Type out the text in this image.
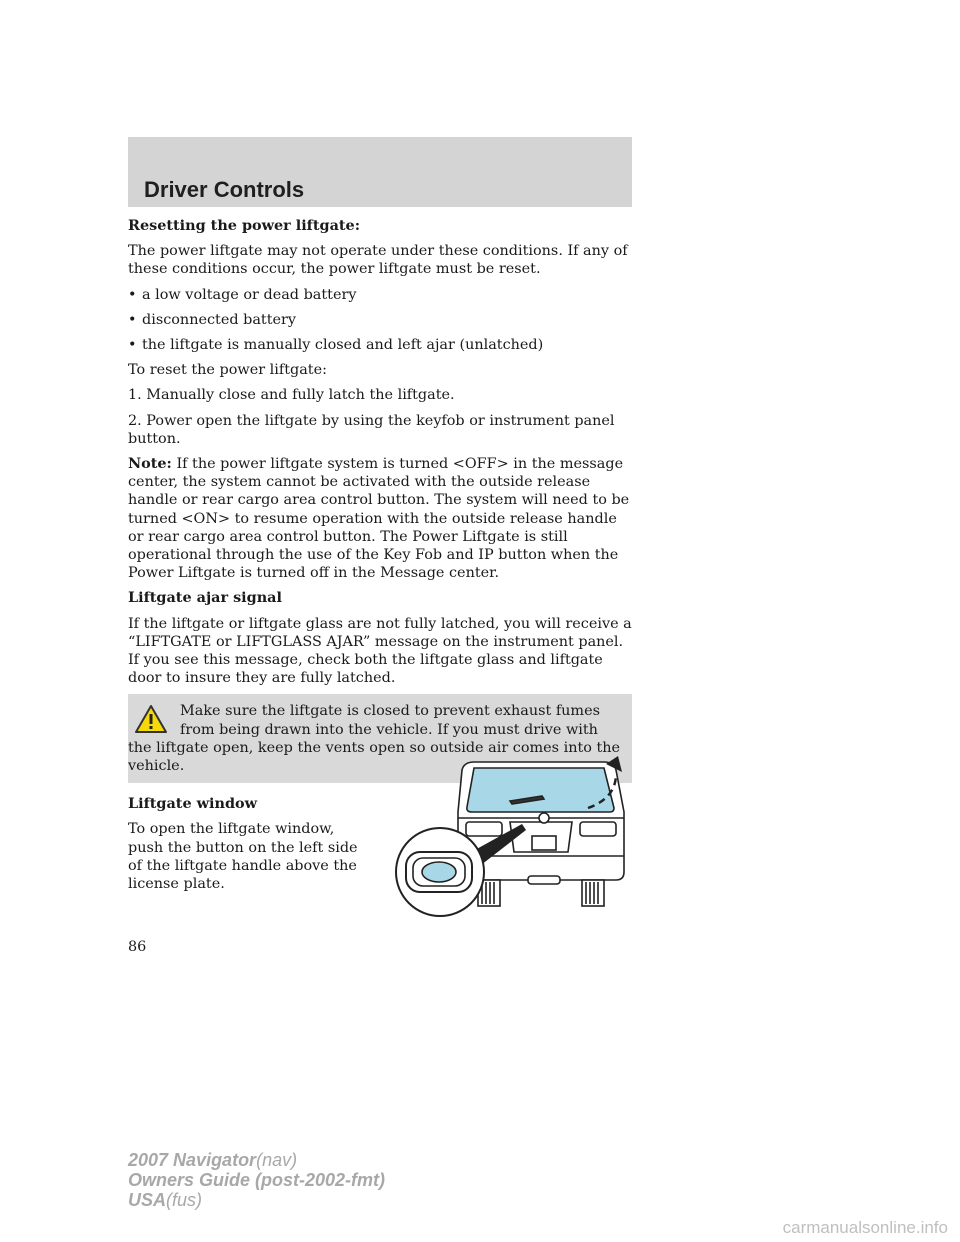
Driver Controls

Resetting the power liftgate:

The power liftgate may not operate under these conditions. If any of these conditions occur, the power liftgate must be reset.

• a low voltage or dead battery
• disconnected battery
• the liftgate is manually closed and left ajar (unlatched)

To reset the power liftgate:

1. Manually close and fully latch the liftgate.

2. Power open the liftgate by using the keyfob or instrument panel button.

Note: If the power liftgate system is turned <OFF> in the message center, the system cannot be activated with the outside release handle or rear cargo area control button. The system will need to be turned <ON> to resume operation with the outside release handle or rear cargo area control button. The Power Liftgate is still operational through the use of the Key Fob and IP button when the Power Liftgate is turned off in the Message center.

Liftgate ajar signal

If the liftgate or liftgate glass are not fully latched, you will receive a “LIFTGATE or LIFTGLASS AJAR” message on the instrument panel. If you see this message, check both the liftgate glass and liftgate door to insure they are fully latched.

Make sure the liftgate is closed to prevent exhaust fumes from being drawn into the vehicle. If you must drive with the liftgate open, keep the vents open so outside air comes into the vehicle.

Liftgate window

To open the liftgate window, push the button on the left side of the liftgate handle above the license plate.

86
2007 Navigator(nav)
Owners Guide (post-2002-fmt)
USA(fus)
carmanualsonline.info
